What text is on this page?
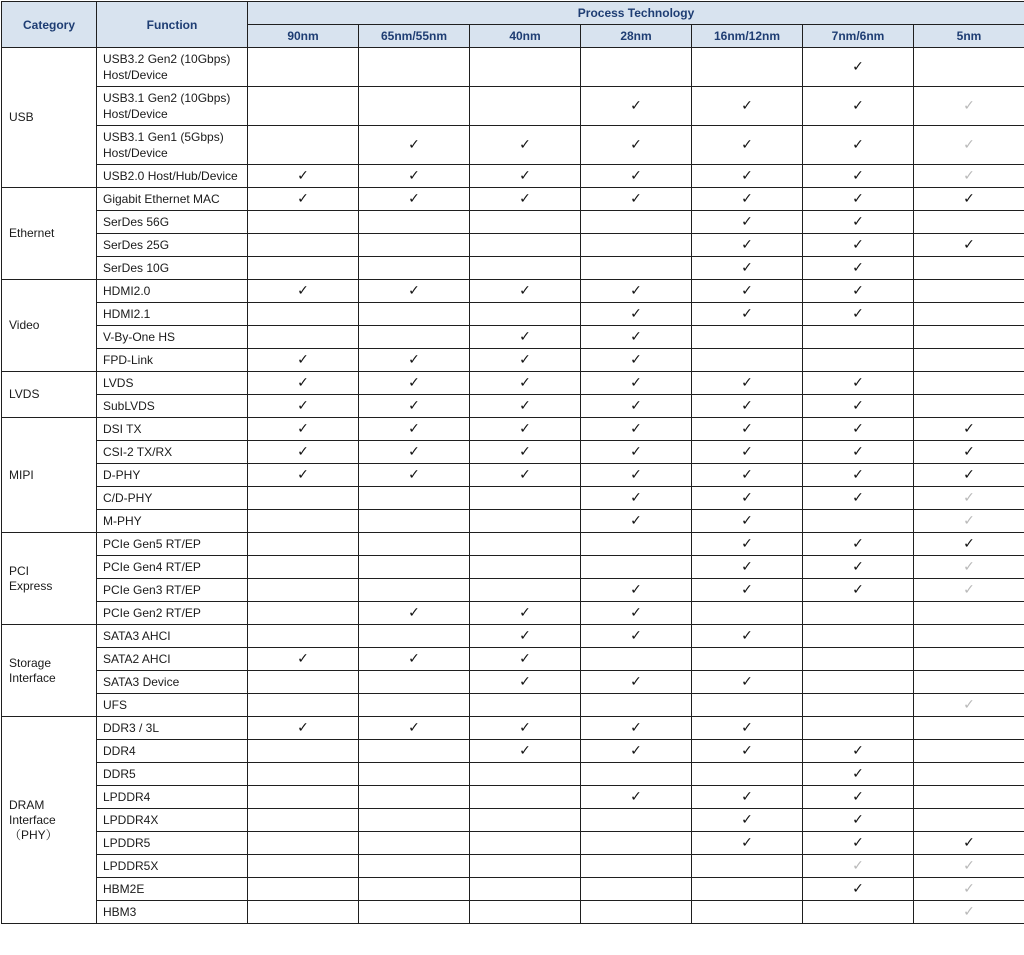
Category	Function	Process Technology						
		90nm	65nm/55nm	40nm	28nm	16nm/12nm	7nm/6nm	5nm
USB	USB3.2 Gen2 (10Gbps) Host/Device						✓	
	USB3.1 Gen2 (10Gbps) Host/Device				✓	✓	✓	✓
	USB3.1 Gen1 (5Gbps) Host/Device		✓	✓	✓	✓	✓	✓
	USB2.0 Host/Hub/Device	✓	✓	✓	✓	✓	✓	✓
Ethernet	Gigabit Ethernet MAC	✓	✓	✓	✓	✓	✓	✓
	SerDes 56G					✓	✓	
	SerDes 25G					✓	✓	✓
	SerDes 10G					✓	✓	
Video	HDMI2.0	✓	✓	✓	✓	✓	✓	
	HDMI2.1				✓	✓	✓	
	V-By-One HS			✓	✓			
	FPD-Link	✓	✓	✓	✓			
LVDS	LVDS	✓	✓	✓	✓	✓	✓	
	SubLVDS	✓	✓	✓	✓	✓	✓	
MIPI	DSI TX	✓	✓	✓	✓	✓	✓	✓
	CSI-2 TX/RX	✓	✓	✓	✓	✓	✓	✓
	D-PHY	✓	✓	✓	✓	✓	✓	✓
	C/D-PHY				✓	✓	✓	✓
	M-PHY				✓	✓		✓
PCI
Express	PCIe Gen5 RT/EP					✓	✓	✓
	PCIe Gen4 RT/EP					✓	✓	✓
	PCIe Gen3 RT/EP				✓	✓	✓	✓
	PCIe Gen2 RT/EP		✓	✓	✓			
Storage
Interface	SATA3 AHCI			✓	✓	✓		
	SATA2 AHCI	✓	✓	✓				
	SATA3 Device			✓	✓	✓		
	UFS							✓
DRAM
Interface
（PHY）	DDR3 / 3L	✓	✓	✓	✓	✓		
	DDR4			✓	✓	✓	✓	
	DDR5						✓	
	LPDDR4				✓	✓	✓	
	LPDDR4X					✓	✓	
	LPDDR5					✓	✓	✓
	LPDDR5X						✓	✓
	HBM2E						✓	✓
	HBM3							✓
